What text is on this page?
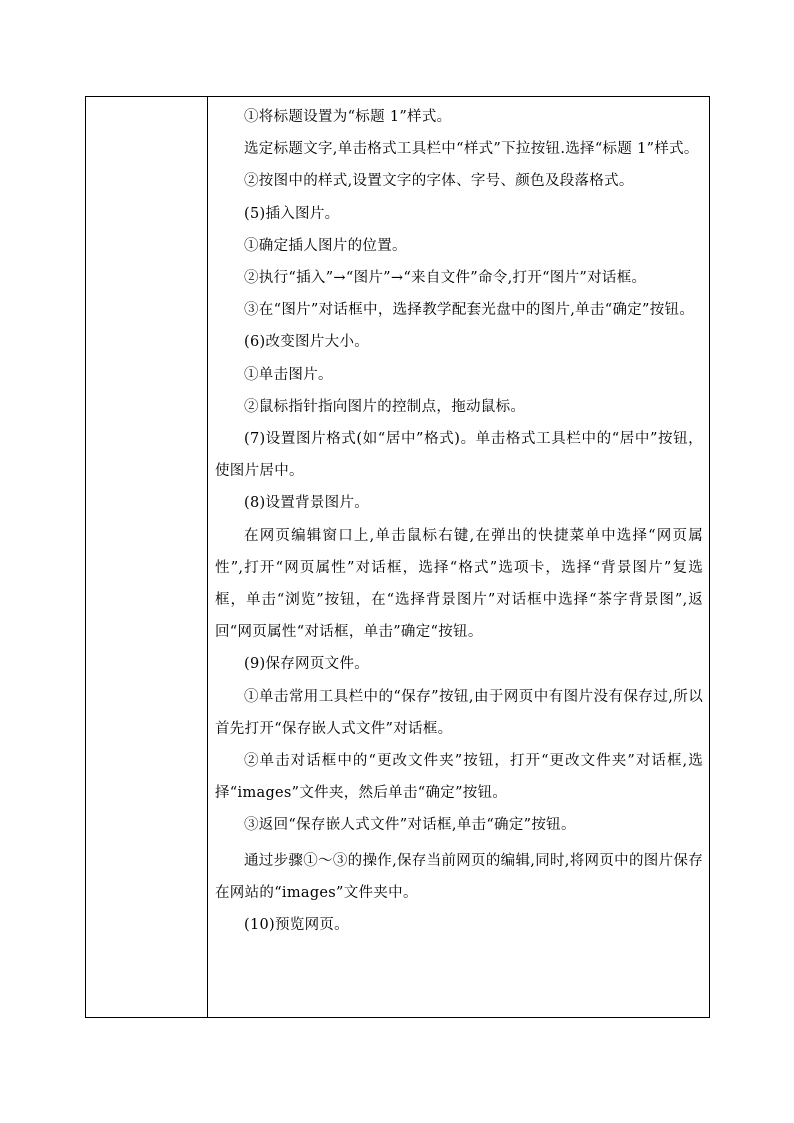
①将标题设置为“标题 1”样式。

选定标题文字,单击格式工具栏中“样式”下拉按钮.选择“标题 1”样式。

②按图中的样式,设置文字的字体、字号、颜色及段落格式。

(5)插入图片。

①确定插人图片的位置。

②执行“插入”→“图片”→“来自文件”命令,打开“图片”对话框。

③在“图片”对话框中，选择教学配套光盘中的图片,单击“确定”按钮。

(6)改变图片大小。

①单击图片。

②鼠标指针指向图片的控制点，拖动鼠标。

(7)设置图片格式(如“居中”格式)。单击格式工具栏中的“居中”按钮，使图片居中。

(8)设置背景图片。

在网页编辑窗口上,单击鼠标右键,在弹出的快捷菜单中选择“网页属性”,打开“网页属性”对话框，选择“格式”选项卡，选择“背景图片”复选框，单击“浏览”按钮，在“选择背景图片”对话框中选择“茶字背景图”,返回“网页属性“对话框，单击”确定“按钮。

(9)保存网页文件。

①单击常用工具栏中的“保存”按钮,由于网页中有图片没有保存过,所以首先打开“保存嵌人式文件”对话框。

②单击对话框中的“更改文件夹”按钮，打开“更改文件夹”对话框,选择“images”文件夹，然后单击“确定”按钮。

③返回“保存嵌人式文件”对话框,单击“确定”按钮。

通过步骤①～③的操作,保存当前网页的编辑,同时,将网页中的图片保存在网站的“images”文件夹中。

(10)预览网页。
